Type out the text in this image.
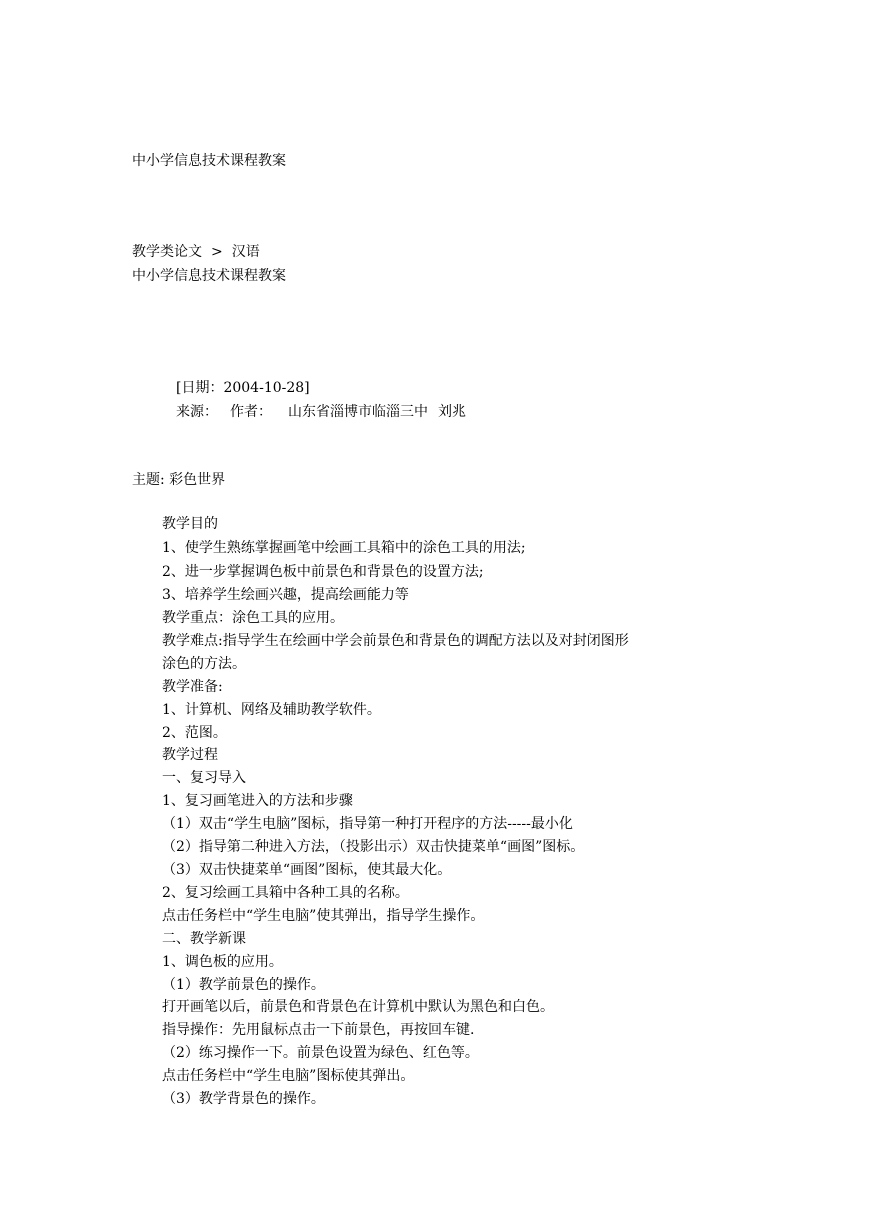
中小学信息技术课程教案
教学类论文 > 汉语
中小学信息技术课程教案
[日期：2004-10-28]
来源： 作者： 山东省淄博市临淄三中 刘兆
主题: 彩色世界
教学目的
1、使学生熟练掌握画笔中绘画工具箱中的涂色工具的用法;
2、进一步掌握调色板中前景色和背景色的设置方法;
3、培养学生绘画兴趣，提高绘画能力等
教学重点：涂色工具的应用。
教学难点:指导学生在绘画中学会前景色和背景色的调配方法以及对封闭图形
涂色的方法。
教学准备:
1、计算机、网络及辅助教学软件。
2、范图。
教学过程
一、复习导入
1、复习画笔进入的方法和步骤
（1）双击“学生电脑”图标，指导第一种打开程序的方法-----最小化
（2）指导第二种进入方法，（投影出示）双击快捷菜单“画图”图标。
（3）双击快捷菜单“画图”图标，使其最大化。
2、复习绘画工具箱中各种工具的名称。
点击任务栏中“学生电脑”使其弹出，指导学生操作。
二、教学新课
1、调色板的应用。
（1）教学前景色的操作。
打开画笔以后，前景色和背景色在计算机中默认为黑色和白色。
指导操作：先用鼠标点击一下前景色，再按回车键.
（2）练习操作一下。前景色设置为绿色、红色等。
点击任务栏中“学生电脑”图标使其弹出。
（3）教学背景色的操作。
